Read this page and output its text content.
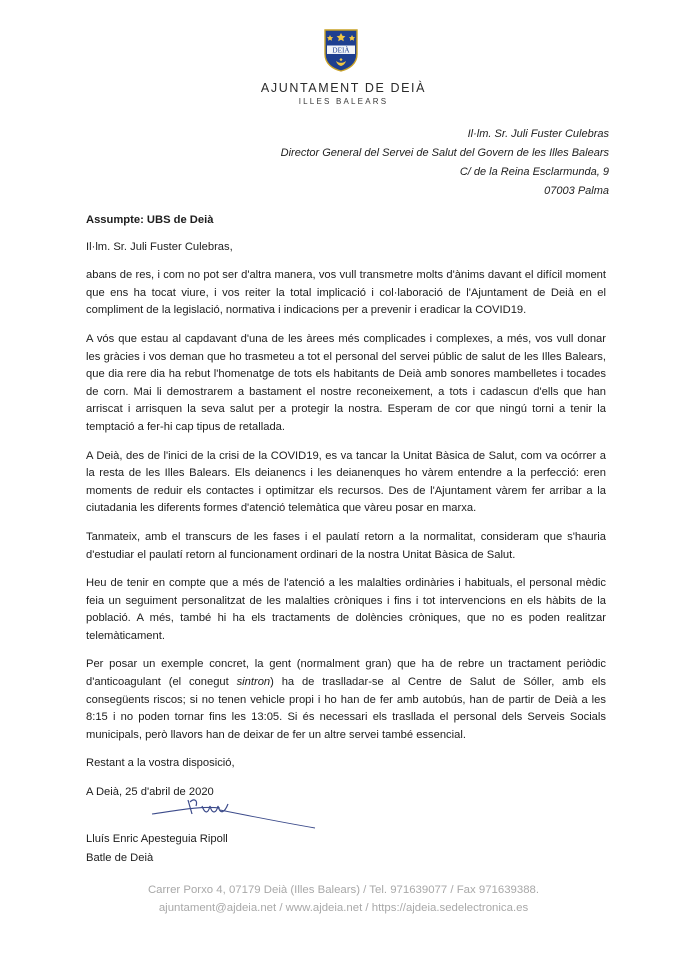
DEIÀ
AJUNTAMENT DE DEIÀ
ILLES BALEARS
Il·lm. Sr. Juli Fuster Culebras
Director General del Servei de Salut del Govern de les Illes Balears
C/ de la Reina Esclarmunda, 9
07003 Palma
Assumpte: UBS de Deià
Il·lm. Sr. Juli Fuster Culebras,

abans de res, i com no pot ser d'altra manera, vos vull transmetre molts d'ànims davant el difícil moment que ens ha tocat viure, i vos reiter la total implicació i col·laboració de l'Ajuntament de Deià en el compliment de la legislació, normativa i indicacions per a prevenir i eradicar la COVID19.

A vós que estau al capdavant d'una de les àrees més complicades i complexes, a més, vos vull donar les gràcies i vos deman que ho trasmeteu a tot el personal del servei públic de salut de les Illes Balears, que dia rere dia ha rebut l'homenatge de tots els habitants de Deià amb sonores mambelletes i tocades de corn. Mai li demostrarem a bastament el nostre reconeixement, a tots i cadascun d'ells que han arriscat i arrisquen la seva salut per a protegir la nostra. Esperam de cor que ningú torni a tenir la temptació a fer-hi cap tipus de retallada.

A Deià, des de l'inici de la crisi de la COVID19, es va tancar la Unitat Bàsica de Salut, com va ocórrer a la resta de les Illes Balears. Els deianencs i les deianenques ho vàrem entendre a la perfecció: eren moments de reduir els contactes i optimitzar els recursos. Des de l'Ajuntament vàrem fer arribar a la ciutadania les diferents formes d'atenció telemàtica que vàreu posar en marxa.

Tanmateix, amb el transcurs de les fases i el paulatí retorn a la normalitat, consideram que s'hauria d'estudiar el paulatí retorn al funcionament ordinari de la nostra Unitat Bàsica de Salut.

Heu de tenir en compte que a més de l'atenció a les malalties ordinàries i habituals, el personal mèdic feia un seguiment personalitzat de les malalties cròniques i fins i tot intervencions en els hàbits de la població. A més, també hi ha els tractaments de dolències cròniques, que no es poden realitzar telemàticament.

Per posar un exemple concret, la gent (normalment gran) que ha de rebre un tractament periòdic d'anticoagulant (el conegut sintron) ha de traslladar-se al Centre de Salut de Sóller, amb els consegüents riscos; si no tenen vehicle propi i ho han de fer amb autobús, han de partir de Deià a les 8:15 i no poden tornar fins les 13:05. Si és necessari els trasllada el personal dels Serveis Socials municipals, però llavors han de deixar de fer un altre servei també essencial.

Restant a la vostra disposició,
A Deià, 25 d'abril de 2020
Lluís Enric Apesteguia Ripoll
Batle de Deià
Carrer Porxo 4, 07179 Deià (Illes Balears) / Tel. 971639077 / Fax 971639388.
ajuntament@ajdeia.net / www.ajdeia.net / https://ajdeia.sedelectronica.es
